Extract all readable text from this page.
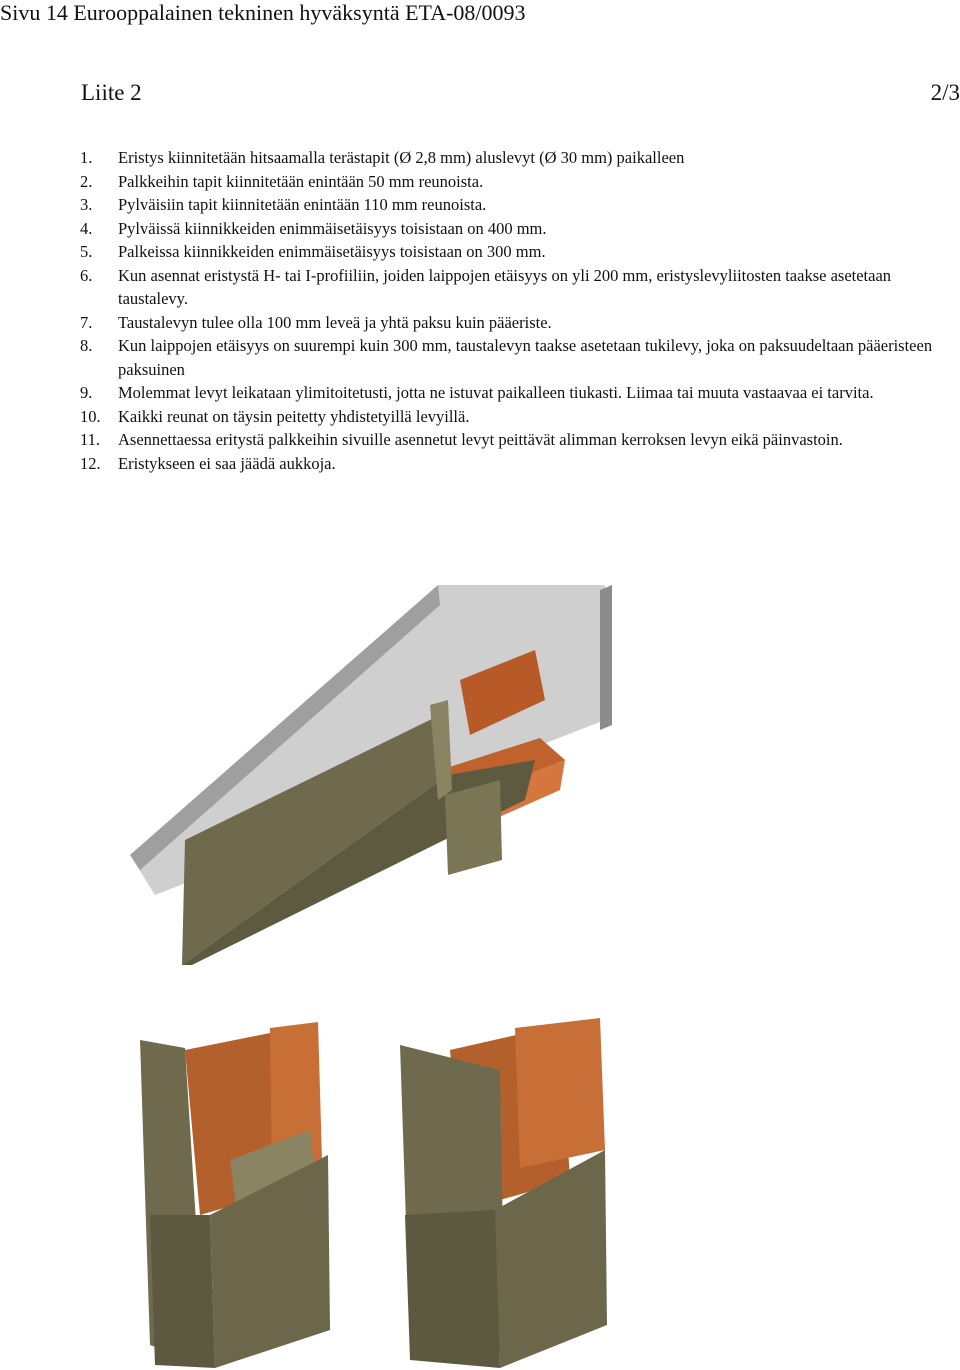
Sivu 14 Eurooppalainen tekninen hyväksyntä ETA-08/0093
Liite 2	2/3
1.	Eristys kiinnitetään hitsaamalla terästapit (Ø 2,8 mm) aluslevyt (Ø 30 mm) paikalleen
2.	Palkkeihin tapit kiinnitetään enintään 50 mm reunoista.
3.	Pylväisiin tapit kiinnitetään enintään 110 mm reunoista.
4.	Pylväissä kiinnikkeiden enimmäisetäisyys toisistaan on 400 mm.
5.	Palkeissa kiinnikkeiden enimmäisetäisyys toisistaan on 300 mm.
6.	Kun asennat eristystä H- tai I-profiiliin, joiden laippojen etäisyys on yli 200 mm, eristyslevyliitosten taakse asetetaan taustalevy.
7.	Taustalevyn tulee olla 100 mm leveä ja yhtä paksu kuin pääeriste.
8.	Kun laippojen etäisyys on suurempi kuin 300 mm, taustalevyn taakse asetetaan tukilevy, joka on paksuudeltaan pääeristeen paksuinen
9.	Molemmat levyt leikataan ylimitoitetusti, jotta ne istuvat paikalleen tiukasti. Liimaa tai muuta vastaavaa ei tarvita.
10.	Kaikki reunat on täysin peitetty yhdistetyillä levyillä.
11.	Asennettaessa eritystä palkkeihin sivuille asennetut levyt peittävät alimman kerroksen levyn eikä päinvastoin.
12.	Eristykseen ei saa jäädä aukkoja.
